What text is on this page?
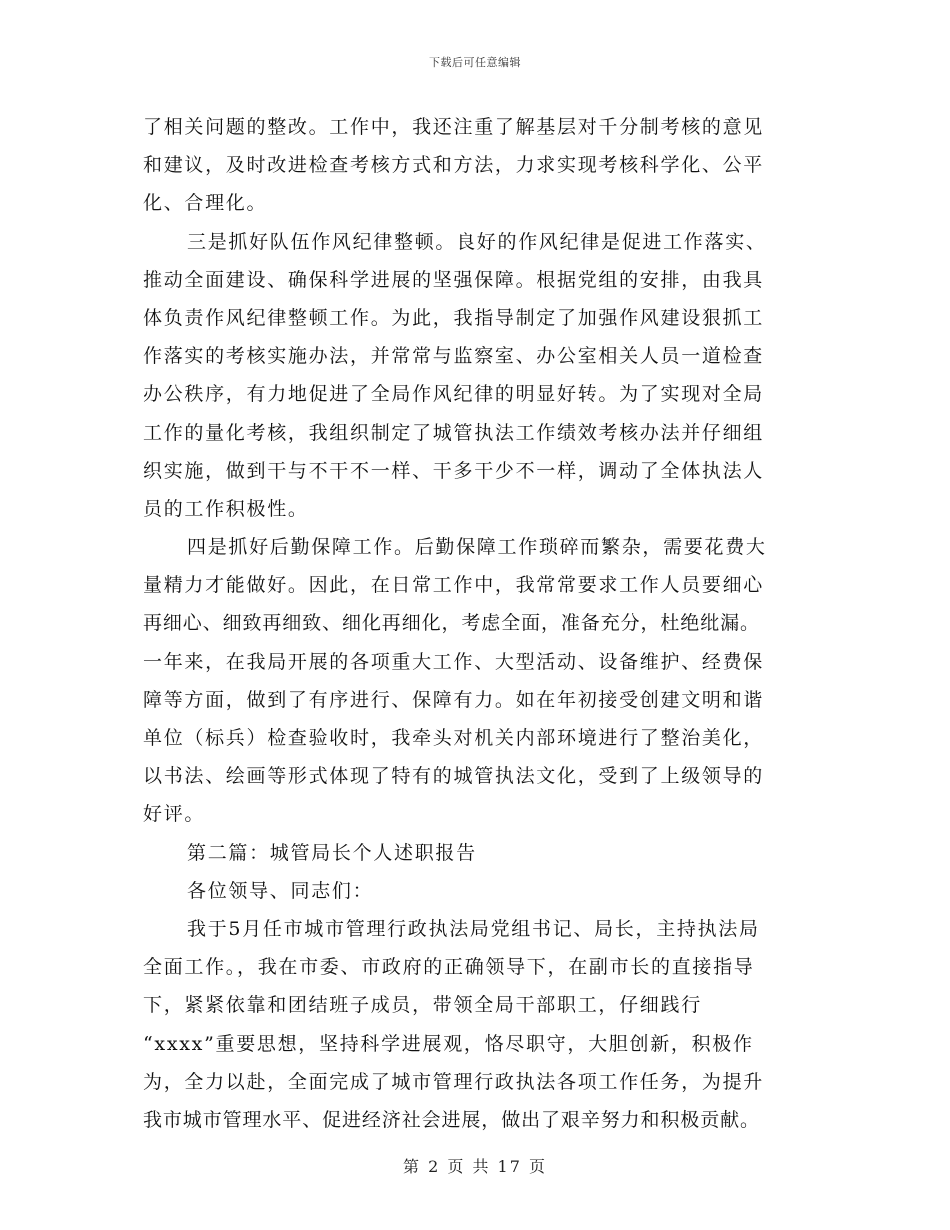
下载后可任意编辑
了相关问题的整改。工作中，我还注重了解基层对千分制考核的意见
和建议，及时改进检查考核方式和方法，力求实现考核科学化、公平
化、合理化。
三是抓好队伍作风纪律整顿。良好的作风纪律是促进工作落实、
推动全面建设、确保科学进展的坚强保障。根据党组的安排，由我具
体负责作风纪律整顿工作。为此，我指导制定了加强作风建设狠抓工
作落实的考核实施办法，并常常与监察室、办公室相关人员一道检查
办公秩序，有力地促进了全局作风纪律的明显好转。为了实现对全局
工作的量化考核，我组织制定了城管执法工作绩效考核办法并仔细组
织实施，做到干与不干不一样、干多干少不一样，调动了全体执法人
员的工作积极性。
四是抓好后勤保障工作。后勤保障工作琐碎而繁杂，需要花费大
量精力才能做好。因此，在日常工作中，我常常要求工作人员要细心
再细心、细致再细致、细化再细化，考虑全面，准备充分，杜绝纰漏。
一年来，在我局开展的各项重大工作、大型活动、设备维护、经费保
障等方面，做到了有序进行、保障有力。如在年初接受创建文明和谐
单位（标兵）检查验收时，我牵头对机关内部环境进行了整治美化，
以书法、绘画等形式体现了特有的城管执法文化，受到了上级领导的
好评。
第二篇：城管局长个人述职报告
各位领导、同志们：
我于5月任市城市管理行政执法局党组书记、局长，主持执法局
全面工作。，我在市委、市政府的正确领导下，在副市长的直接指导
下，紧紧依靠和团结班子成员，带领全局干部职工，仔细践行
“xxxx”重要思想，坚持科学进展观，恪尽职守，大胆创新，积极作
为，全力以赴，全面完成了城市管理行政执法各项工作任务，为提升
我市城市管理水平、促进经济社会进展，做出了艰辛努力和积极贡献。
第 2 页 共 17 页
